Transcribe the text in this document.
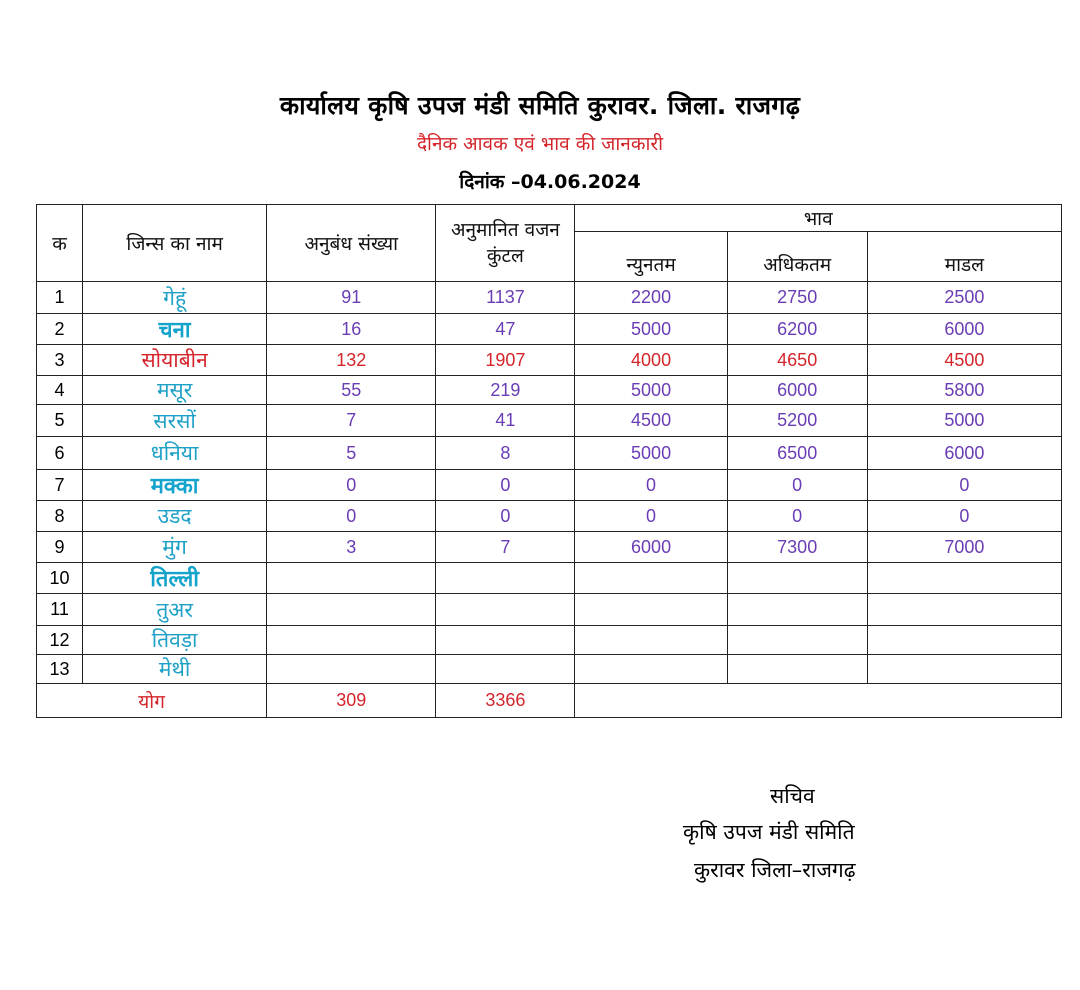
कार्यालय कृषि उपज मंडी समिति कुरावर. जिला. राजगढ़
दैनिक आवक एवं भाव की जानकारी
दिनांक –04.06.2024
क	जिन्स का नाम	अनुबंध संख्या	अनुमानित वजन कुंटल	भाव		
				न्युनतम	अधिकतम	माडल
1	गेहूं	91	1137	2200	2750	2500
2	चना	16	47	5000	6200	6000
3	सोयाबीन	132	1907	4000	4650	4500
4	मसूर	55	219	5000	6000	5800
5	सरसों	7	41	4500	5200	5000
6	धनिया	5	8	5000	6500	6000
7	मक्का	0	0	0	0	0
8	उडद	0	0	0	0	0
9	मुंग	3	7	6000	7300	7000
10	तिल्ली					
11	तुअर					
12	तिवड़ा					
13	मेथी					
योग		309	3366			
सचिव
कृषि उपज मंडी समिति
कुरावर जिला–राजगढ़
